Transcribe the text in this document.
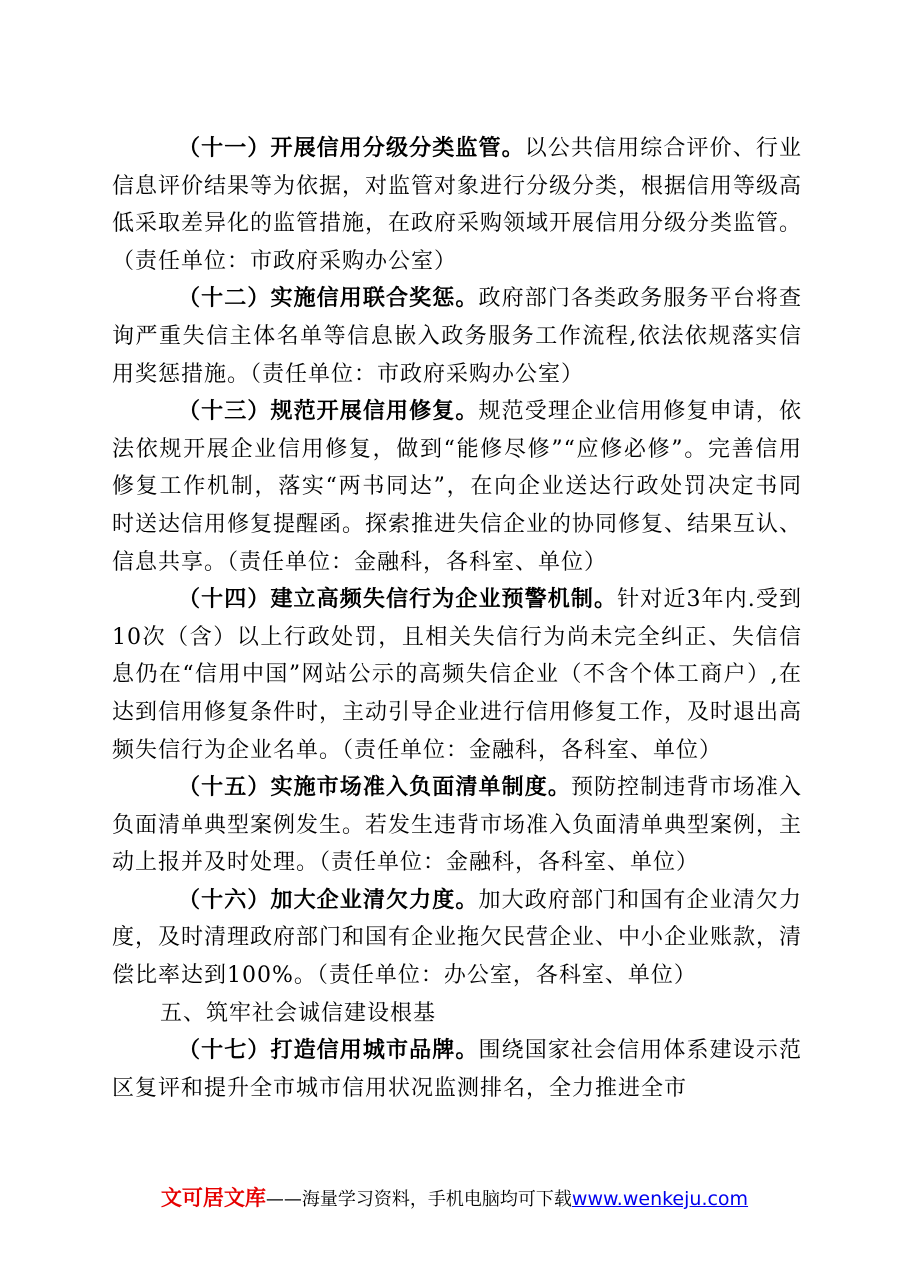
（十一）开展信用分级分类监管。以公共信用综合评价、行业信息评价结果等为依据，对监管对象进行分级分类，根据信用等级高低采取差异化的监管措施，在政府采购领域开展信用分级分类监管。（责任单位：市政府采购办公室）

（十二）实施信用联合奖惩。政府部门各类政务服务平台将查询严重失信主体名单等信息嵌入政务服务工作流程,依法依规落实信用奖惩措施。（责任单位：市政府采购办公室）

（十三）规范开展信用修复。规范受理企业信用修复申请，依法依规开展企业信用修复，做到“能修尽修”“应修必修”。完善信用修复工作机制，落实“两书同达”，在向企业送达行政处罚决定书同时送达信用修复提醒函。探索推进失信企业的协同修复、结果互认、信息共享。（责任单位：金融科，各科室、单位）

（十四）建立高频失信行为企业预警机制。针对近3年内.受到10次（含）以上行政处罚，且相关失信行为尚未完全纠正、失信信息仍在“信用中国”网站公示的高频失信企业（不含个体工商户）,在达到信用修复条件时，主动引导企业进行信用修复工作，及时退出高频失信行为企业名单。（责任单位：金融科，各科室、单位）

（十五）实施市场准入负面清单制度。预防控制违背市场准入负面清单典型案例发生。若发生违背市场准入负面清单典型案例，主动上报并及时处理。（责任单位：金融科，各科室、单位）

（十六）加大企业清欠力度。加大政府部门和国有企业清欠力度，及时清理政府部门和国有企业拖欠民营企业、中小企业账款，清偿比率达到100%。（责任单位：办公室，各科室、单位）

五、筑牢社会诚信建设根基

（十七）打造信用城市品牌。围绕国家社会信用体系建设示范区复评和提升全市城市信用状况监测排名，全力推进全市

文可居文库——海量学习资料，手机电脑均可下载www.wenkeju.com
